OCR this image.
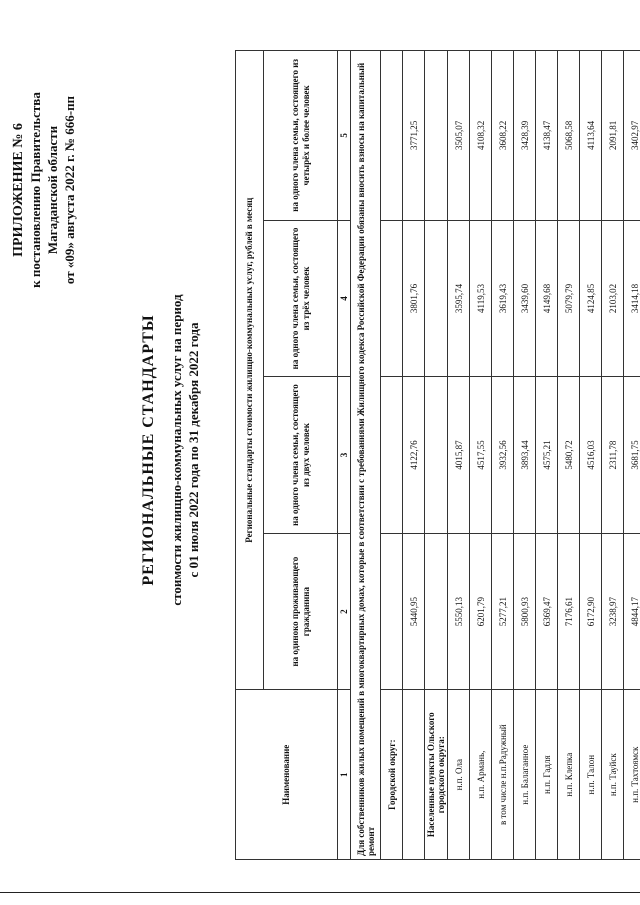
ПРИЛОЖЕНИЕ № 6 к постановлению Правительства Магаданской области от «09» августа 2022 г. № 666-пп
РЕГИОНАЛЬНЫЕ СТАНДАРТЫ стоимости жилищно-коммунальных услуг на период с 01 июля 2022 года по 31 декабря 2022 года
Наименование	Региональные стандарты стоимости жилищно-коммунальных услуг, рублей в месяц			
	на одиноко проживающего гражданина	на одного члена семьи, состоящего из двух человек	на одного члена семьи, состоящего из трёх человек	на одного члена семьи, состоящего из четырёх и более человек
1	2	3	4	5
Для собственников жилых помещений в многоквартирных домах, которые в соответствии с требованиями Жилищного кодекса Российской Федерации обязаны вносить взносы на капитальный ремонт				
Городской округ:				
	5440,95	4122,76	3801,76	3771,25
Населенные пункты Ольского городского округа:				
н.п. Ола	5550,13	4015,87	3595,74	3505,07
н.п. Армань,	6201,79	4517,55	4119,53	4108,32
в том числе н.п.Радужный	5277,21	3932,56	3619,43	3608,22
н.п. Балаганное	5800,93	3893,44	3439,60	3428,39
н.п. Гадля	6369,47	4575,21	4149,68	4138,47
н.п. Клепка	7176,61	5480,72	5079,79	5068,58
н.п. Талон	6172,90	4516,03	4124,85	4113,64
н.п. Тауйск	3238,97	2311,78	2103,02	2091,81
н.п. Тахтоямск	4844,17	3681,75	3414,18	3402,97
